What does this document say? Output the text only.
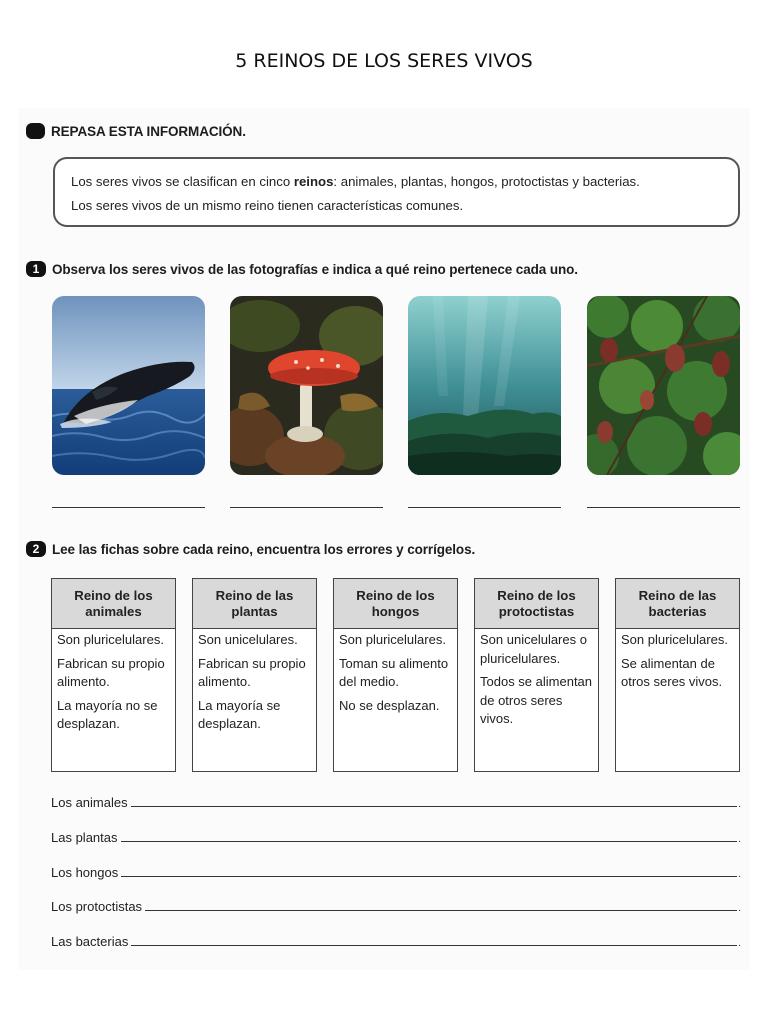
5 REINOS DE LOS SERES VIVOS
REPASA ESTA INFORMACIÓN.
Los seres vivos se clasifican en cinco reinos: animales, plantas, hongos, protoctistas y bacterias.
Los seres vivos de un mismo reino tienen características comunes.
1 Observa los seres vivos de las fotografías e indica a qué reino pertenece cada uno.
2 Lee las fichas sobre cada reino, encuentra los errores y corrígelos.
Reino de los animales

Son pluricelulares.

Fabrican su propio alimento.

La mayoría no se desplazan.

Reino de las plantas

Son unicelulares.

Fabrican su propio alimento.

La mayoría se desplazan.

Reino de los hongos

Son pluricelulares.

Toman su alimento del medio.

No se desplazan.

Reino de los protoctistas

Son unicelulares o pluricelulares.

Todos se alimentan de otros seres vivos.

Reino de las bacterias

Son pluricelulares.

Se alimentan de otros seres vivos.

Los animales	.
Las plantas	.
Los hongos	.
Los protoctistas	.
Las bacterias	.
